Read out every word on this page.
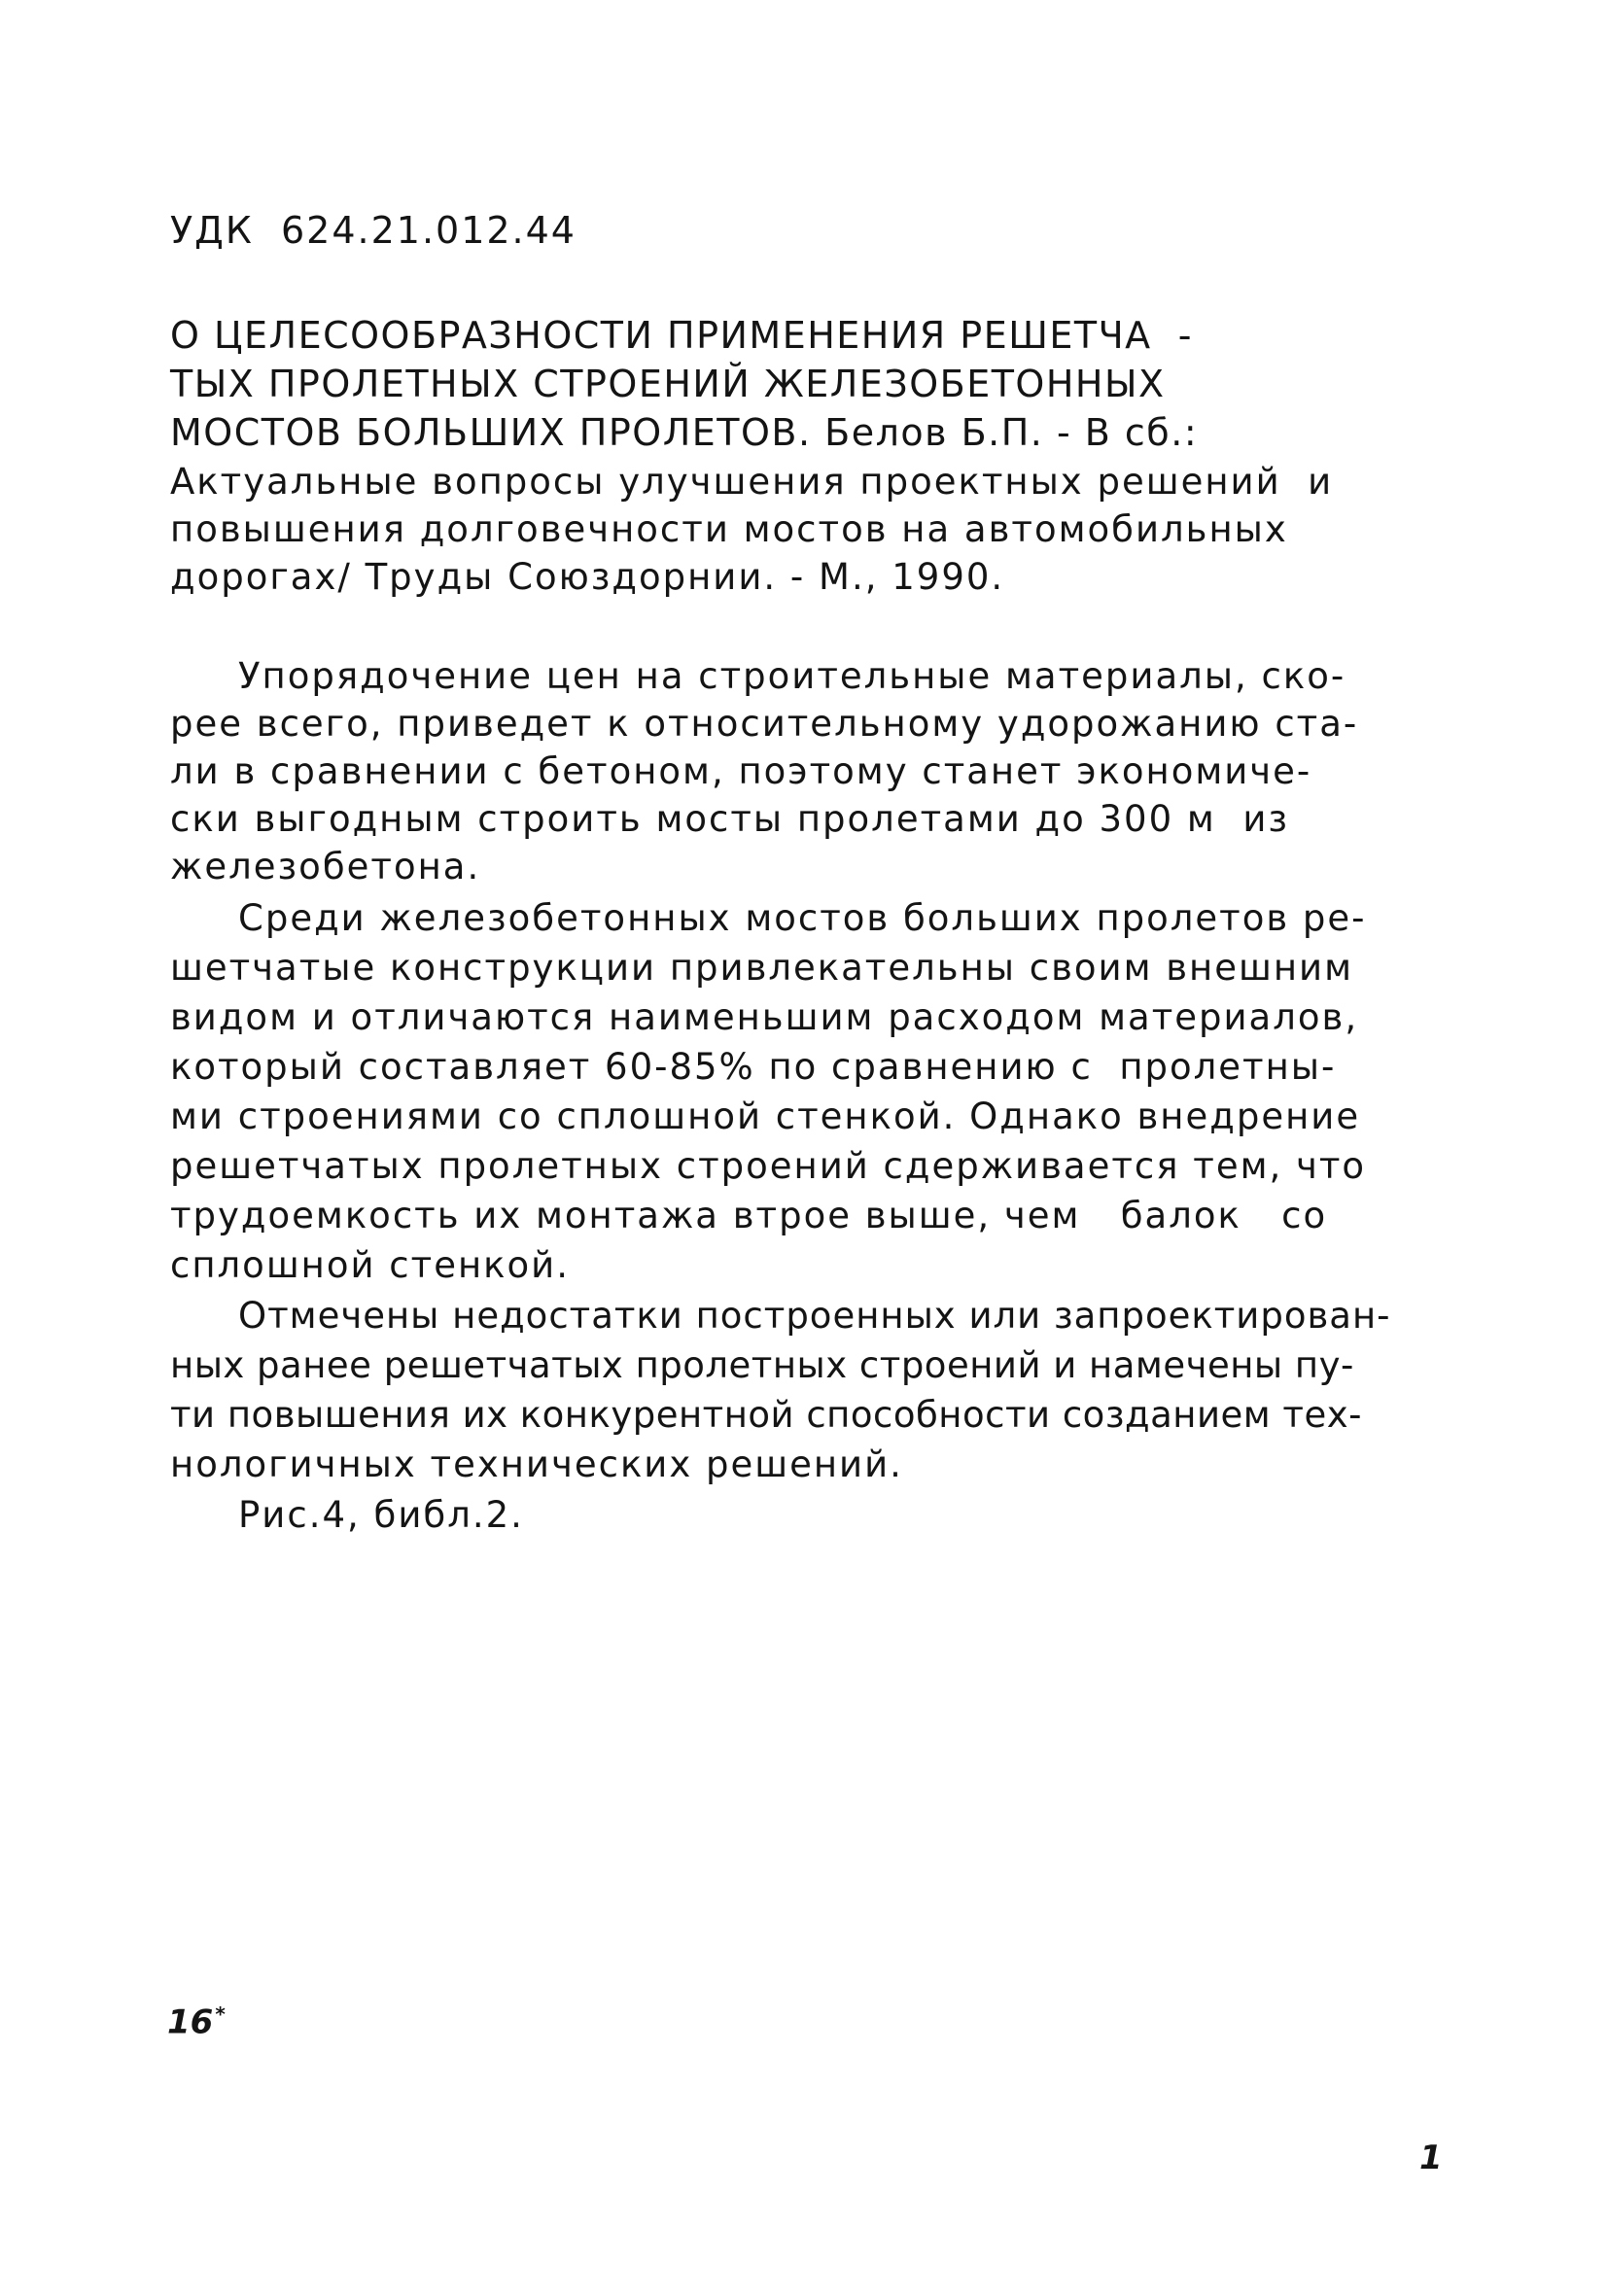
УДК  624.21.012.44
О ЦЕЛЕСООБРАЗНОСТИ ПРИМЕНЕНИЯ РЕШЕТЧА  -
ТЫХ ПРОЛЕТНЫХ СТРОЕНИЙ ЖЕЛЕЗОБЕТОННЫХ
МОСТОВ БОЛЬШИХ ПРОЛЕТОВ. Белов Б.П. - В сб.:
Актуальные вопросы улучшения проектных решений  и
повышения долговечности мостов на автомобильных
дорогах/ Труды Союздорнии. - М., 1990.
Упорядочение цен на строительные материалы, ско-
рее всего, приведет к относительному удорожанию ста-
ли в сравнении с бетоном, поэтому станет экономиче-
ски выгодным строить мосты пролетами до 300 м  из
железобетона.
Среди железобетонных мостов больших пролетов ре-
шетчатые конструкции привлекательны своим внешним
видом и отличаются наименьшим расходом материалов,
который составляет 60-85% по сравнению с  пролетны-
ми строениями со сплошной стенкой. Однако внедрение
решетчатых пролетных строений сдерживается тем, что
трудоемкость их монтажа втрое выше, чем   балок   со
сплошной стенкой.
Отмечены недостатки построенных или запроектирован-
ных ранее решетчатых пролетных строений и намечены пу-
ти повышения их конкурентной способности созданием тех-
нологичных технических решений.
Рис.4, библ.2.
16 *
1
